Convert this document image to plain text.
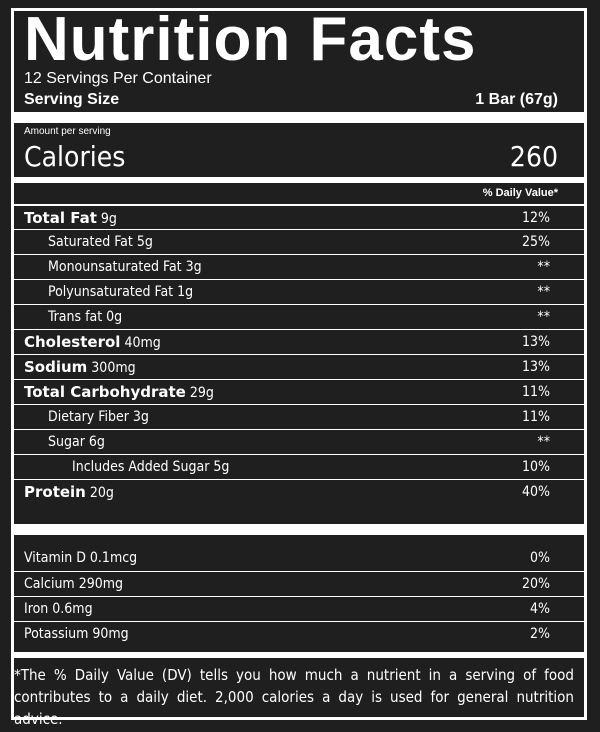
Nutrition Facts
12 Servings Per Container
Serving Size	1 Bar (67g)
Amount per serving
Calories	260
% Daily Value*
Total Fat 9g	12%
Saturated Fat 5g	25%
Monounsaturated Fat 3g	**
Polyunsaturated Fat 1g	**
Trans fat 0g	**
Cholesterol 40mg	13%
Sodium 300mg	13%
Total Carbohydrate 29g	11%
Dietary Fiber 3g	11%
Sugar 6g	**
Includes Added Sugar 5g	10%
Protein 20g	40%
Vitamin D 0.1mcg	0%
Calcium 290mg	20%
Iron 0.6mg	4%
Potassium 90mg	2%
*The % Daily Value (DV) tells you how much a nutrient in a serving of food
contributes to a daily diet. 2,000 calories a day is used for general nutrition advice.
